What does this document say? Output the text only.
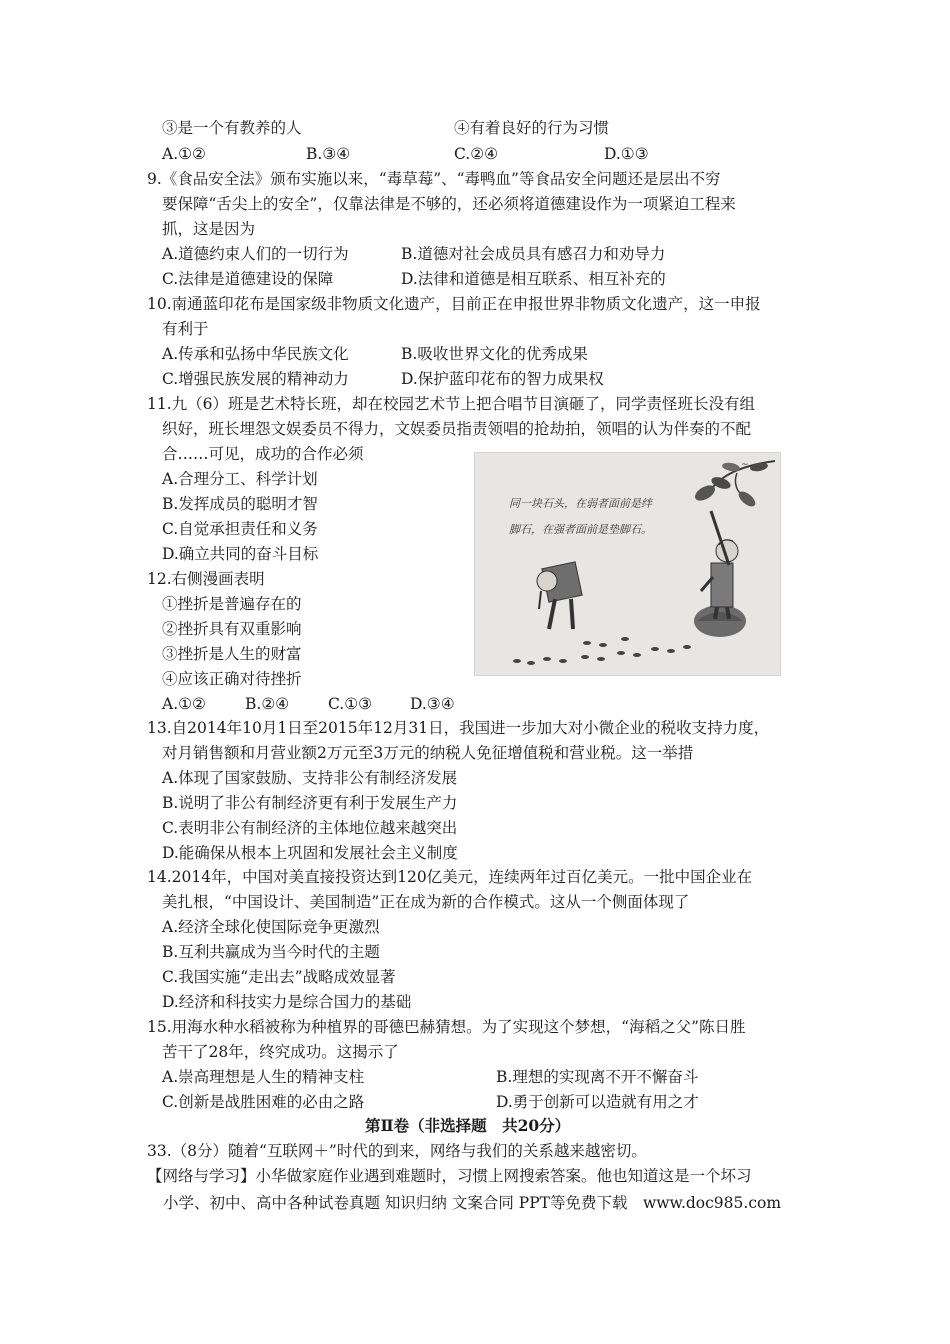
③是一个有教养的人	④有着良好的行为习惯
A.①②	B.③④	C.②④	D.①③
9.《食品安全法》颁布实施以来，“毒草莓”、“毒鸭血”等食品安全问题还是层出不穷
要保障“舌尖上的安全”，仅靠法律是不够的，还必须将道德建设作为一项紧迫工程来
抓，这是因为
A.道德约束人们的一切行为	B.道德对社会成员具有感召力和劝导力
C.法律是道德建设的保障	D.法律和道德是相互联系、相互补充的
10.南通蓝印花布是国家级非物质文化遗产，目前正在申报世界非物质文化遗产，这一申报
有利于
A.传承和弘扬中华民族文化	B.吸收世界文化的优秀成果
C.增强民族发展的精神动力	D.保护蓝印花布的智力成果权
11.九（6）班是艺术特长班，却在校园艺术节上把合唱节目演砸了，同学责怪班长没有组
织好，班长埋怨文娱委员不得力，文娱委员指责领唱的抢劫拍，领唱的认为伴奏的不配
合……可见，成功的合作必须
A.合理分工、科学计划
B.发挥成员的聪明才智
C.自觉承担责任和义务
D.确立共同的奋斗目标
~
同一块石头，在弱者面前是绊
脚石，在强者面前是垫脚石。
12.右侧漫画表明
①挫折是普遍存在的
②挫折具有双重影响
③挫折是人生的财富
④应该正确对待挫折
A.①②	B.②④	C.①③ D.③④
13.自2014年10月1日至2015年12月31日，我国进一步加大对小微企业的税收支持力度，
对月销售额和月营业额2万元至3万元的纳税人免征增值税和营业税。这一举措
A.体现了国家鼓励、支持非公有制经济发展
B.说明了非公有制经济更有利于发展生产力
C.表明非公有制经济的主体地位越来越突出
D.能确保从根本上巩固和发展社会主义制度
14.2014年，中国对美直接投资达到120亿美元，连续两年过百亿美元。一批中国企业在
美扎根，“中国设计、美国制造”正在成为新的合作模式。这从一个侧面体现了
A.经济全球化使国际竞争更激烈
B.互利共赢成为当今时代的主题
C.我国实施“走出去”战略成效显著
D.经济和科技实力是综合国力的基础
15.用海水种水稻被称为种植界的哥德巴赫猜想。为了实现这个梦想，“海稻之父”陈日胜
苦干了28年，终究成功。这揭示了
A.崇高理想是人生的精神支柱	B.理想的实现离不开不懈奋斗
C.创新是战胜困难的必由之路	D.勇于创新可以造就有用之才
第Ⅱ卷（非选择题　共20分）
33.（8分）随着“互联网＋”时代的到来，网络与我们的关系越来越密切。
【网络与学习】小华做家庭作业遇到难题时，习惯上网搜索答案。他也知道这是一个坏习
小学、初中、高中各种试卷真题 知识归纳 文案合同 PPT等免费下载　www.doc985.com
